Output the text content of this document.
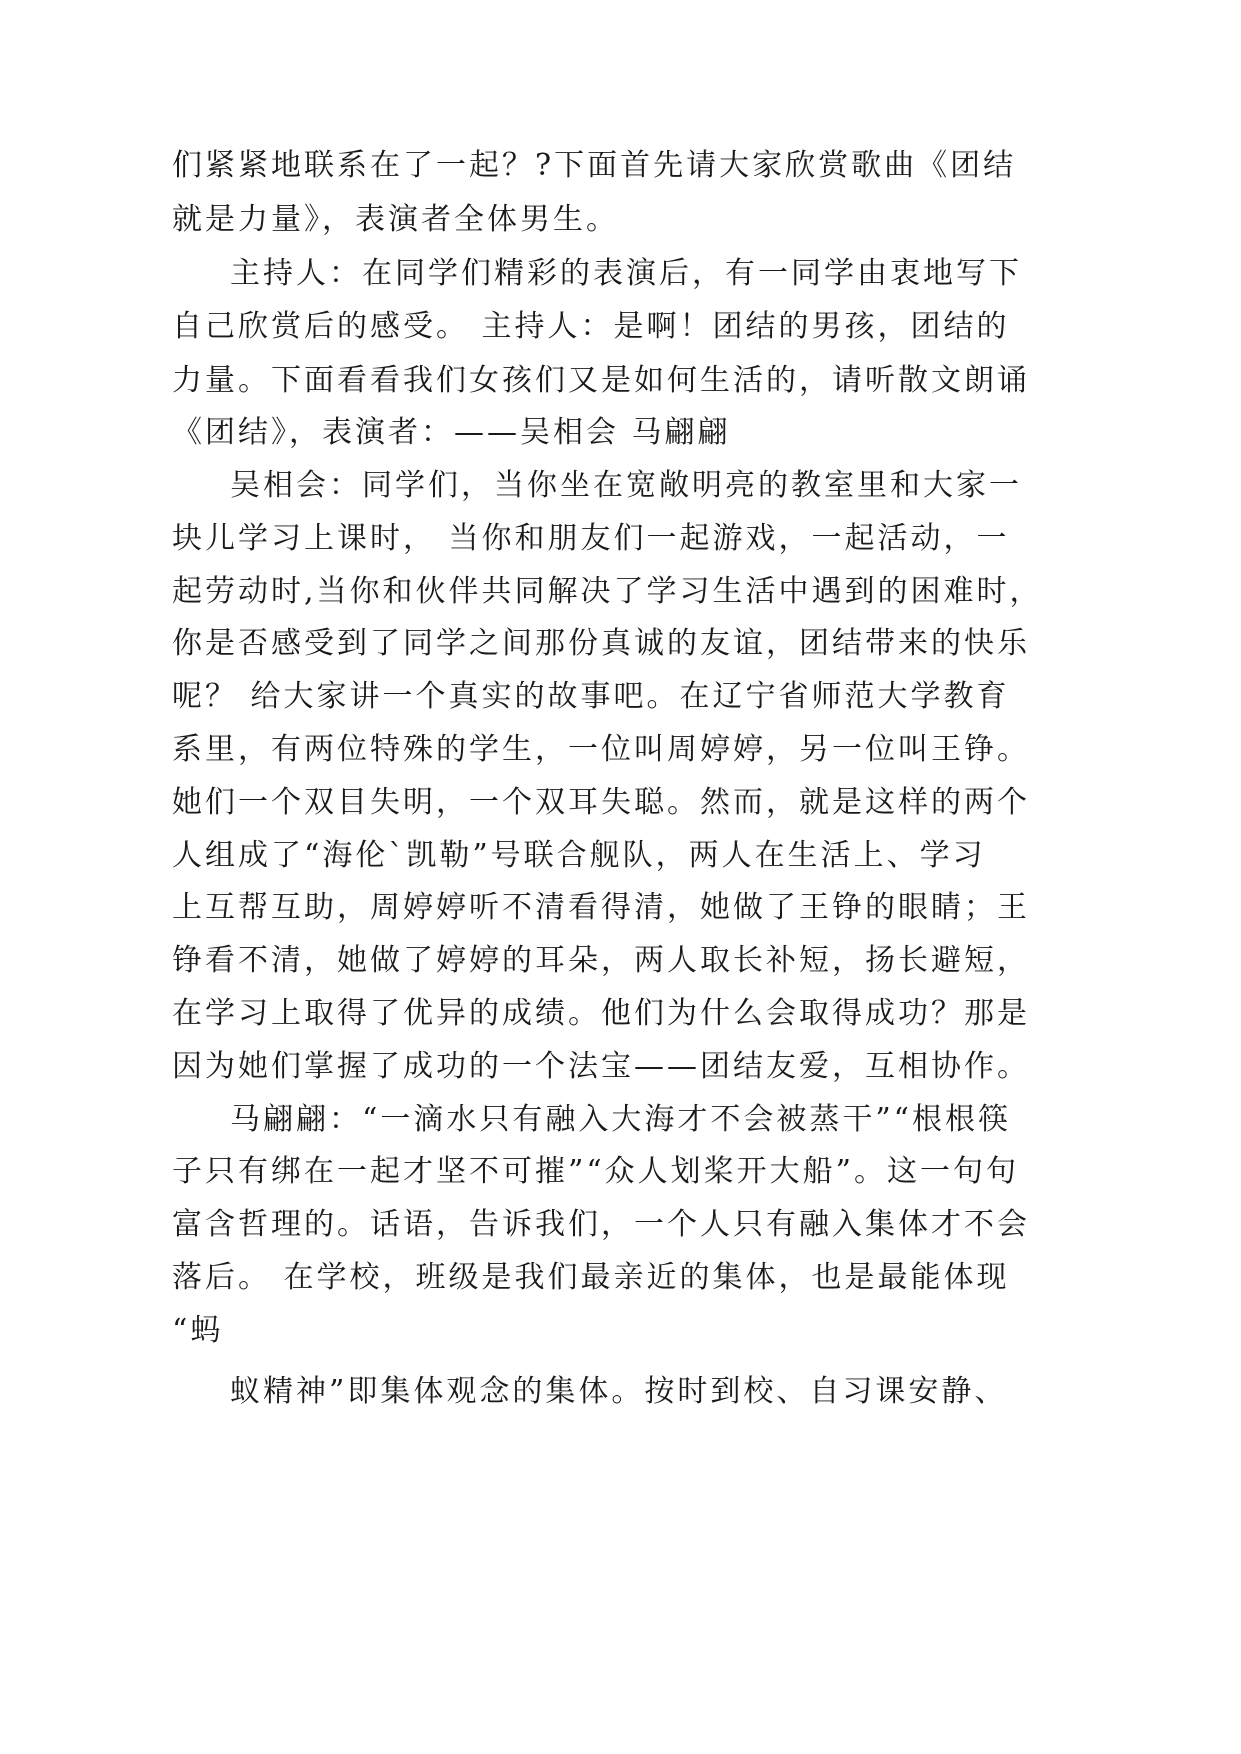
们紧紧地联系在了一起？?下面首先请大家欣赏歌曲《团结
就是力量》，表演者全体男生。
主持人：在同学们精彩的表演后，有一同学由衷地写下
自己欣赏后的感受。 主持人：是啊！团结的男孩，团结的
力量。下面看看我们女孩们又是如何生活的，请听散文朗诵
《团结》，表演者：——吴相会 马翩翩
吴相会：同学们，当你坐在宽敞明亮的教室里和大家一
块儿学习上课时， 当你和朋友们一起游戏，一起活动，一
起劳动时,当你和伙伴共同解决了学习生活中遇到的困难时，
你是否感受到了同学之间那份真诚的友谊，团结带来的快乐
呢？ 给大家讲一个真实的故事吧。在辽宁省师范大学教育
系里，有两位特殊的学生，一位叫周婷婷，另一位叫王铮。
她们一个双目失明，一个双耳失聪。然而，就是这样的两个
人组成了“海伦`凯勒”号联合舰队，两人在生活上、学习
上互帮互助，周婷婷听不清看得清，她做了王铮的眼睛；王
铮看不清，她做了婷婷的耳朵，两人取长补短，扬长避短，
在学习上取得了优异的成绩。他们为什么会取得成功？那是
因为她们掌握了成功的一个法宝——团结友爱，互相协作。
马翩翩：“一滴水只有融入大海才不会被蒸干”“根根筷
子只有绑在一起才坚不可摧”“众人划桨开大船”。这一句句
富含哲理的。话语，告诉我们，一个人只有融入集体才不会
落后。 在学校，班级是我们最亲近的集体，也是最能体现
“蚂
蚁精神”即集体观念的集体。按时到校、自习课安静、
